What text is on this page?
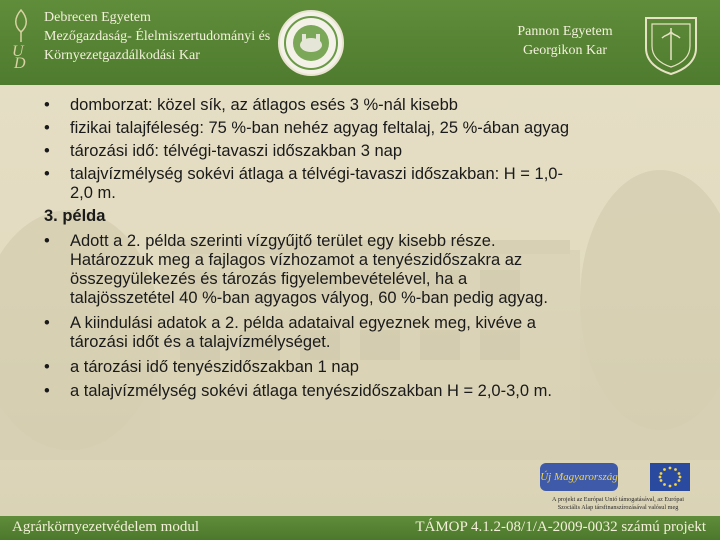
U
D
Debrecen Egyetem
Mezőgazdaság- Élelmiszertudományi és
Környezetgazdálkodási Kar
Pannon Egyetem
Georgikon Kar
• domborzat: közel sík, az átlagos esés 3 %-nál kisebb
• fizikai talajféleség: 75 %-ban nehéz agyag feltalaj, 25 %-ában agyag
• tározási idő: télvégi-tavaszi időszakban 3 nap
• talajvízmélység sokévi átlaga a télvégi-tavaszi időszakban: H = 1,0-
2,0 m.
3. példa
• Adott a 2. példa szerinti vízgyűjtő terület egy kisebb része.
Határozzuk meg a fajlagos vízhozamot a tenyészidőszakra az
összegyülekezés és tározás figyelembevételével, ha a
talajösszetétel 40 %-ban agyagos vályog, 60 %-ban pedig agyag.
• A kiindulási adatok a 2. példa adataival egyeznek meg, kivéve a
tározási időt és a talajvízmélységet.
• a tározási idő tenyészidőszakban 1 nap
• a talajvízmélység sokévi átlaga tenyészidőszakban H = 2,0-3,0 m.
Új Magyarország
A projekt az Európai Unió támogatásával, az Európai
Szociális Alap társfinanszírozásával valósul meg
Agrárkörnyezetvédelem modul	TÁMOP 4.1.2-08/1/A-2009-0032 számú projekt
